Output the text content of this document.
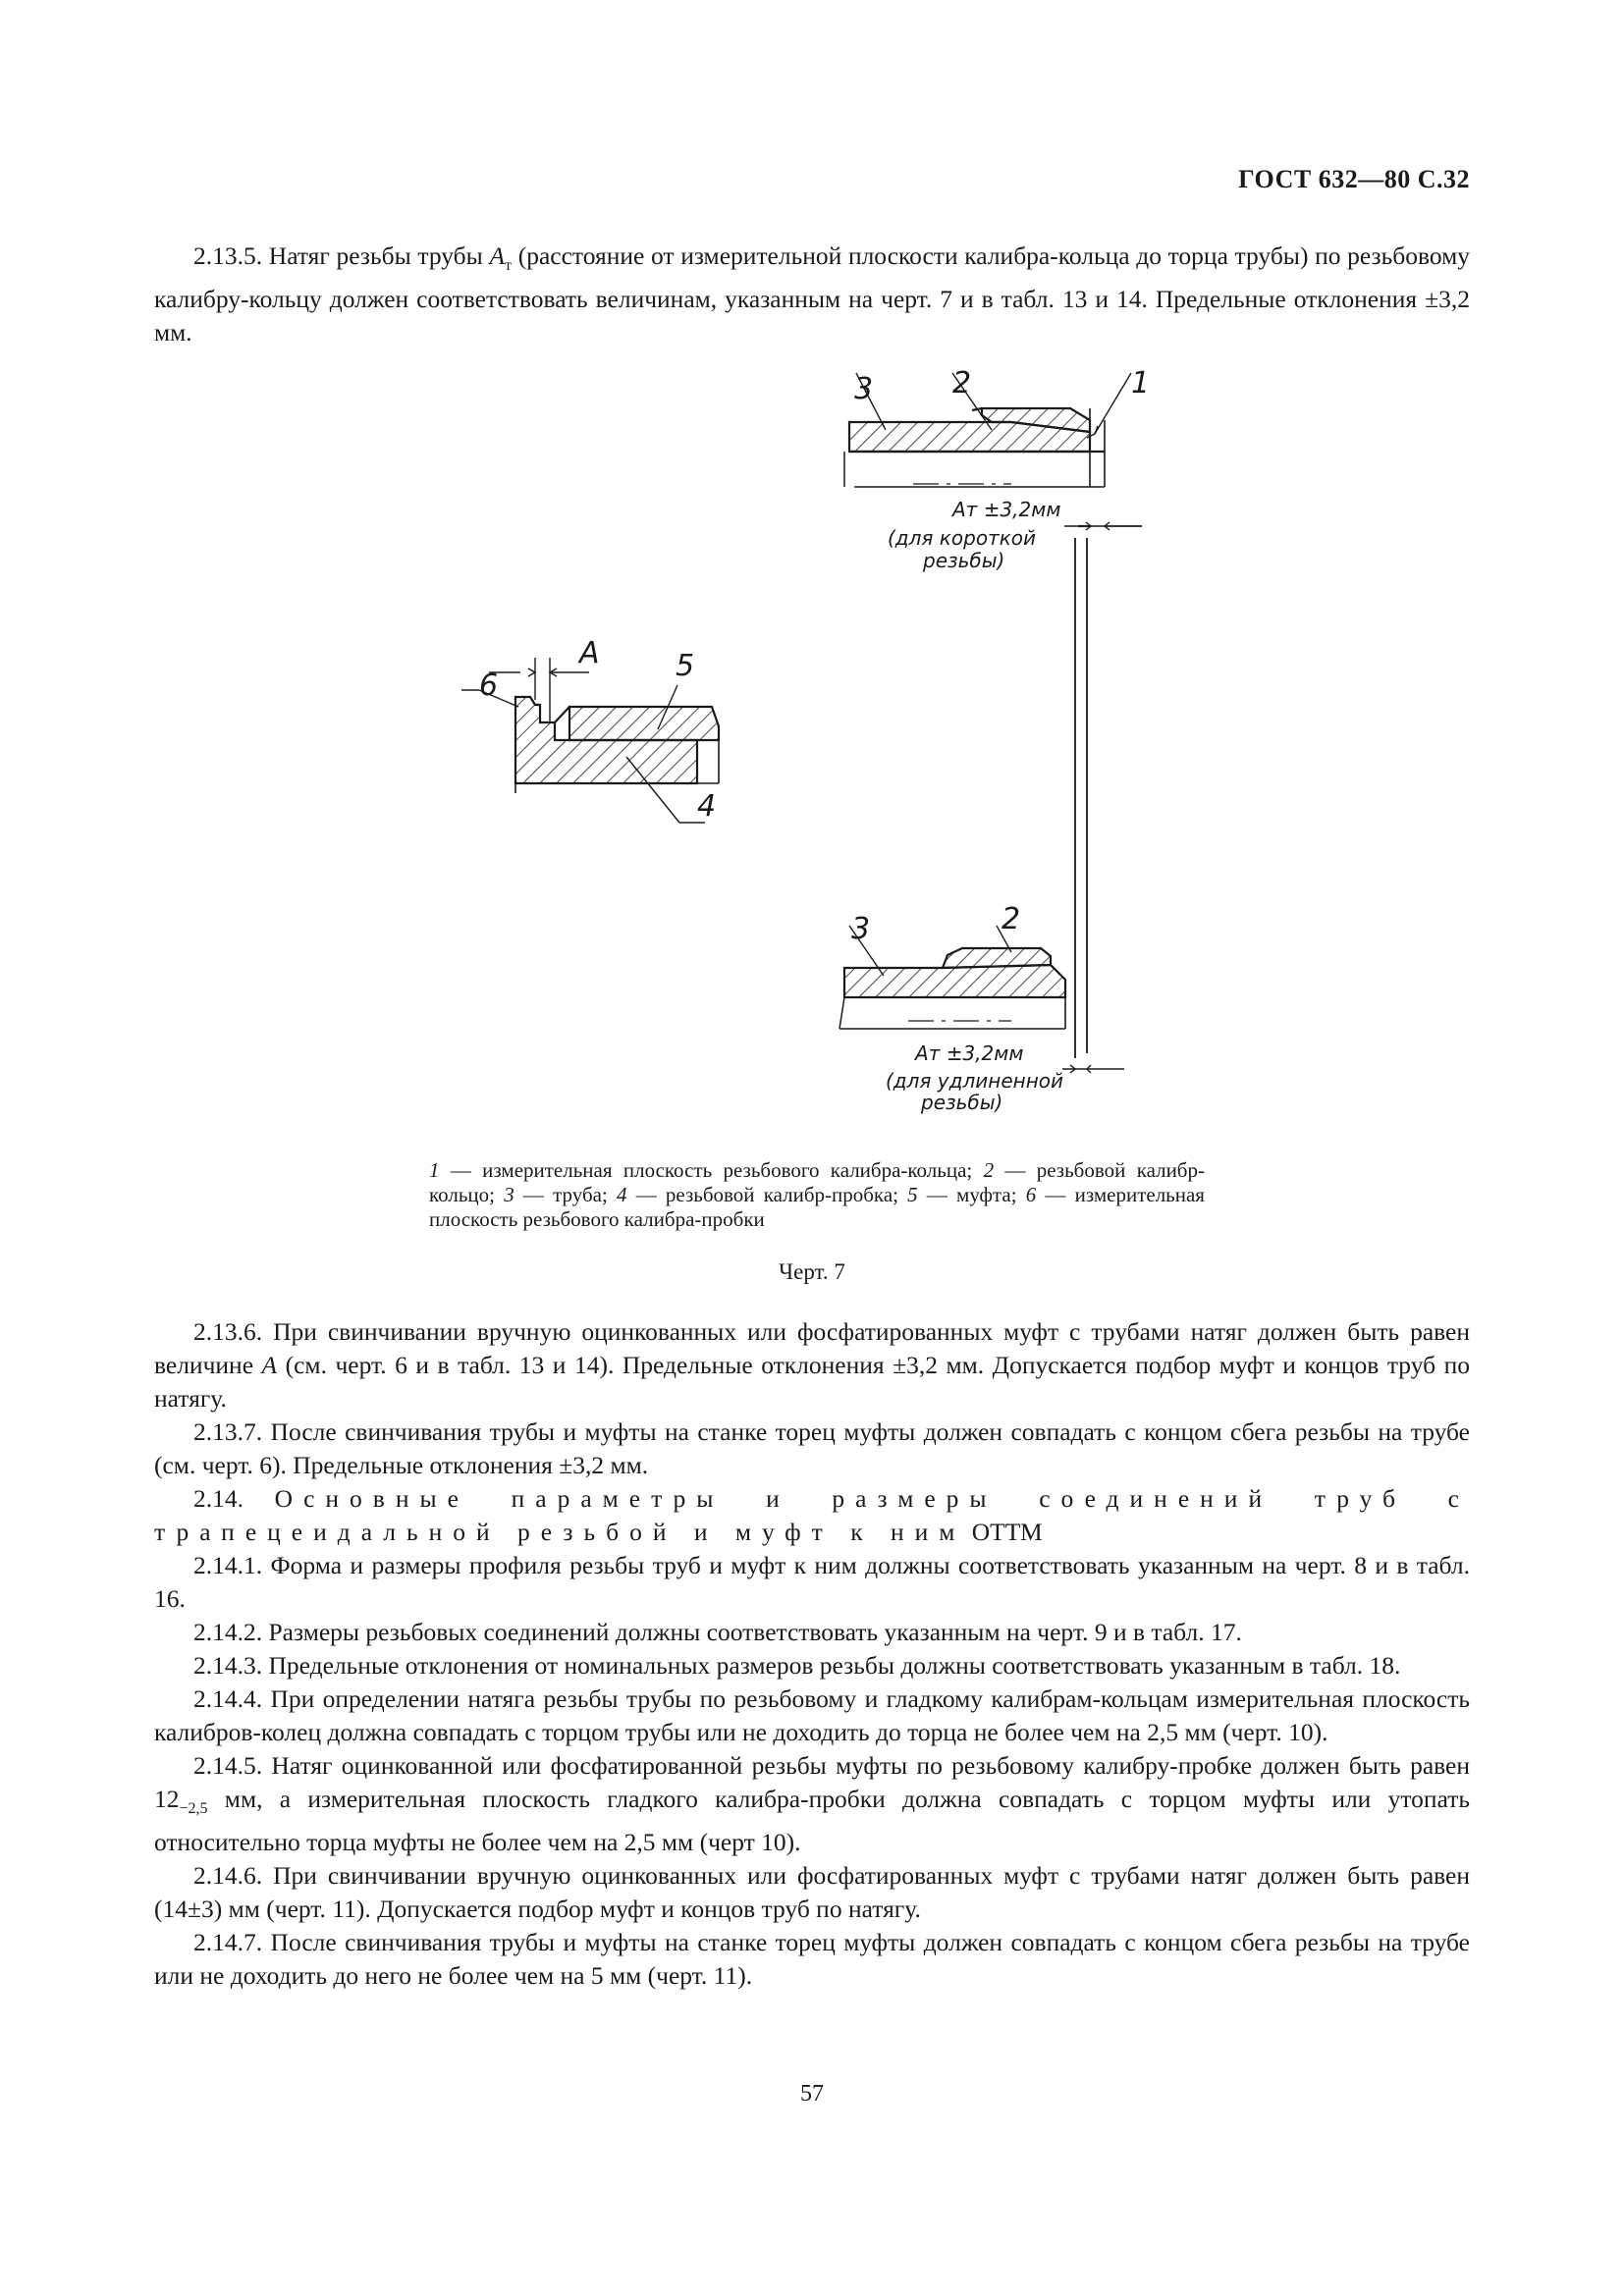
ГОСТ 632—80 С.32

2.13.5. Натяг резьбы трубы $A_т$ (расстояние от измерительной плоскости калибра-кольца до торца трубы) по резьбовому калибру-кольцу должен соответствовать величинам, указанным на черт. 7 и в табл. 13 и 14. Предельные отклонения ±3,2 мм.

3	2	1
6
A	5
4
3	2
Aт ±3,2мм
(для короткой
резьбы)
Aт ±3,2мм
(для удлиненной
резьбы)
1 — измерительная плоскость резьбового калибра-кольца; 2 — резьбовой калибр-кольцо; 3 — труба; 4 — резьбовой калибр-пробка; 5 — муфта; 6 — измерительная плоскость резьбового калибра-пробки
Черт. 7

2.13.6. При свинчивании вручную оцинкованных или фосфатированных муфт с трубами натяг должен быть равен величине A (см. черт. 6 и в табл. 13 и 14). Предельные отклонения ±3,2 мм. Допускается подбор муфт и концов труб по натягу.

2.13.7. После свинчивания трубы и муфты на станке торец муфты должен совпадать с концом сбега резьбы на трубе (см. черт. 6). Предельные отклонения ±3,2 мм.

2.14. Основные параметры и размеры соединений труб с трапецеидальной резьбой и муфт к ним ОТТМ

2.14.1. Форма и размеры профиля резьбы труб и муфт к ним должны соответствовать указанным на черт. 8 и в табл. 16.

2.14.2. Размеры резьбовых соединений должны соответствовать указанным на черт. 9 и в табл. 17.

2.14.3. Предельные отклонения от номинальных размеров резьбы должны соответствовать указанным в табл. 18.

2.14.4. При определении натяга резьбы трубы по резьбовому и гладкому калибрам-кольцам измерительная плоскость калибров-колец должна совпадать с торцом трубы или не доходить до торца не более чем на 2,5 мм (черт. 10).

2.14.5. Натяг оцинкованной или фосфатированной резьбы муфты по резьбовому калибру-пробке должен быть равен $12_{-2,5}$ мм, а измерительная плоскость гладкого калибра-пробки должна совпадать с торцом муфты или утопать относительно торца муфты не более чем на 2,5 мм (черт 10).

2.14.6. При свинчивании вручную оцинкованных или фосфатированных муфт с трубами натяг должен быть равен (14±3) мм (черт. 11). Допускается подбор муфт и концов труб по натягу.

2.14.7. После свинчивания трубы и муфты на станке торец муфты должен совпадать с концом сбега резьбы на трубе или не доходить до него не более чем на 5 мм (черт. 11).

57
